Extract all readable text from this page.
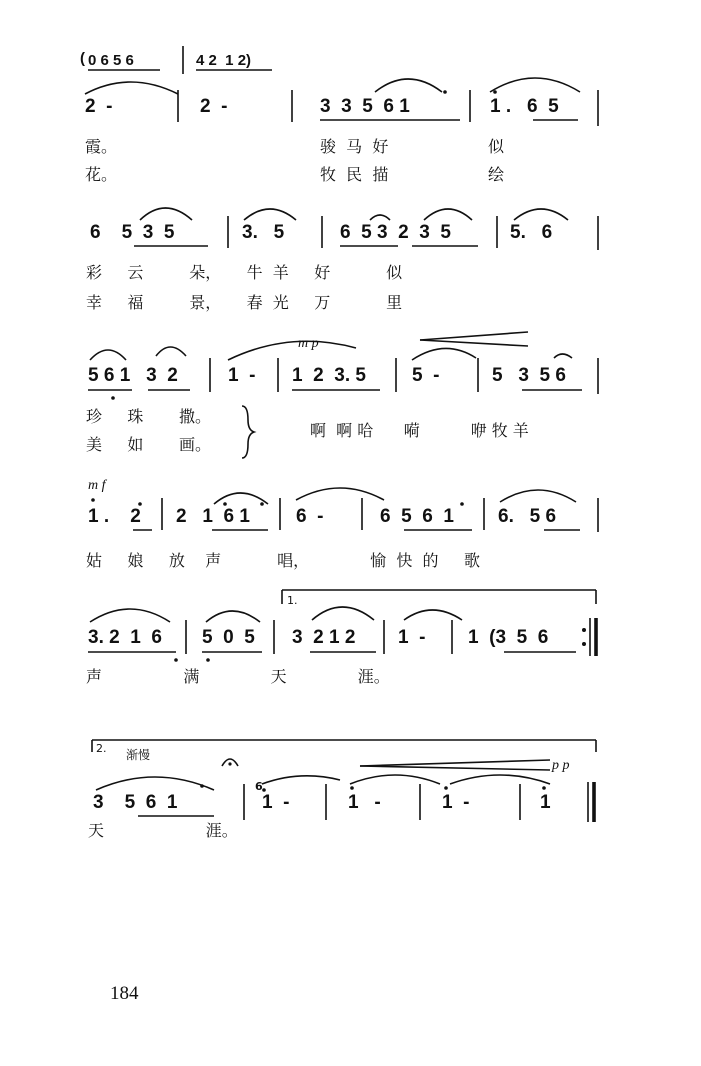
( 0 6 5 6	4 2  1 2)
2  -	2  -	3  3  5  6 1	1 .   6  5
霞。	骏  马  好	似
花。	牧  民  描	绘
6    5  3  5	3.   5	6  5 3  2  3  5	5.   6
彩     云         朵，     牛  羊     好           似
幸     福         景，     春  光     万           里
m p
5 6 1   3  2	1  - 1  2  3. 5 5  -	5   3  5 6
珍     珠       撒。
美     如       画。
啊  啊 哈      嗬          咿 牧 羊
m f
1 .    2 2   1  6 1 6  -	6  5  6  1 6.   5 6
姑     娘     放    声           唱，            愉  快  的     歌
1.
3. 2  1  6 5  0  5 3  2 1 2 1  - 1  (3  5  6
声                满              天              涯。
2. 渐慢
p p
3    5  6  1	1  -	1   -	1  -	1
6
天                    涯。
184
